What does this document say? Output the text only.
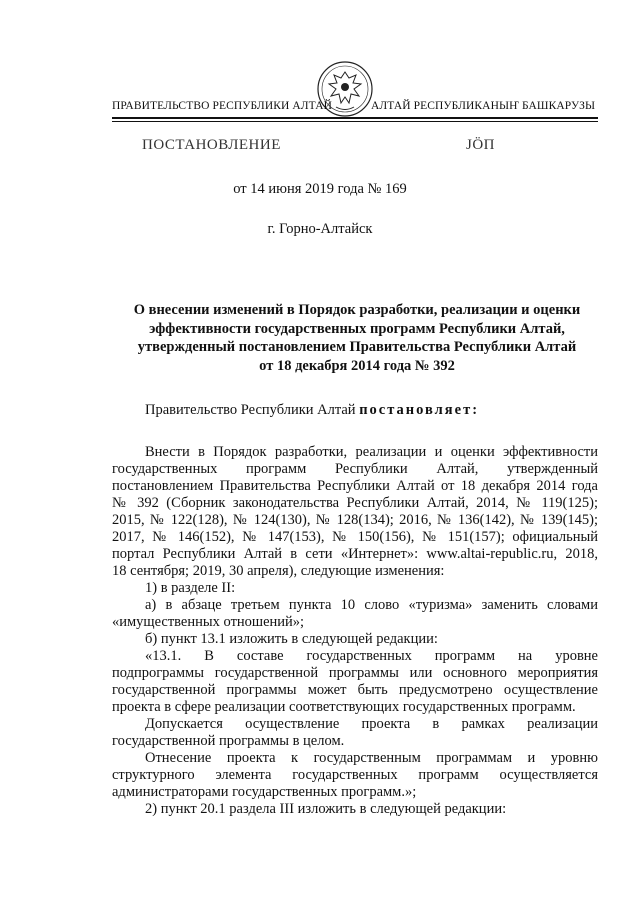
ПРАВИТЕЛЬСТВО РЕСПУБЛИКИ АЛТАЙ	АЛТАЙ РЕСПУБЛИКАНЫҤ БАШКАРУЗЫ
ПОСТАНОВЛЕНИЕ	ЈӦП
от 14 июня 2019 года № 169
г. Горно-Алтайск
О внесении изменений в Порядок разработки, реализации и оценки
эффективности государственных программ Республики Алтай,
утвержденный постановлением Правительства Республики Алтай
от 18 декабря 2014 года № 392
Правительство Республики Алтай постановляет:
Внести в Порядок разработки, реализации и оценки эффективности
государственных программ Республики Алтай, утвержденный
постановлением Правительства Республики Алтай от 18 декабря 2014 года
№ 392 (Сборник законодательства Республики Алтай, 2014, № 119(125);
2015, № 122(128), № 124(130), № 128(134); 2016, № 136(142), № 139(145);
2017, № 146(152), № 147(153), № 150(156), № 151(157); официальный
портал Республики Алтай в сети «Интернет»: www.altai-republic.ru, 2018,
18 сентября; 2019, 30 апреля), следующие изменения:
1) в разделе II:
а) в абзаце третьем пункта 10 слово «туризма» заменить словами
«имущественных отношений»;
б) пункт 13.1 изложить в следующей редакции:
«13.1. В составе государственных программ на уровне
подпрограммы государственной программы или основного мероприятия
государственной программы может быть предусмотрено осуществление
проекта в сфере реализации соответствующих государственных программ.
Допускается осуществление проекта в рамках реализации
государственной программы в целом.
Отнесение проекта к государственным программам и уровню
структурного элемента государственных программ осуществляется
администраторами государственных программ.»;
2) пункт 20.1 раздела III изложить в следующей редакции:
